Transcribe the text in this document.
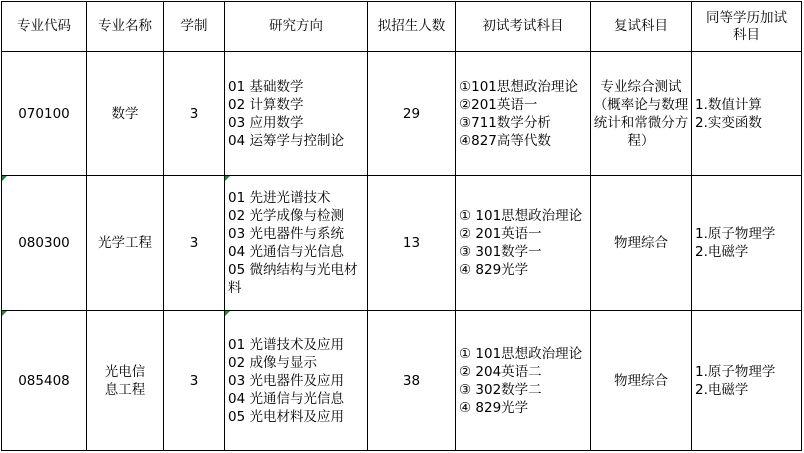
专业代码	专业名称	学制	研究方向	拟招生人数	初试考试科目	复试科目	同等学历加试科目
070100	数学	3	01 基础数学
02 计算数学
03 应用数学
04 运筹学与控制论	29	①101思想政治理论
②201英语一
③711数学分析
④827高等代数	专业综合测试（概率论与数理统计和常微分方程）	1.数值计算
2.实变函数

080300	光学工程	3	01 先进光谱技术
02 光学成像与检测
03 光电器件与系统
04 光通信与光信息
05 微纳结构与光电材料	13	① 101思想政治理论
② 201英语一
③ 301数学一
④ 829光学	物理综合	1.原子物理学
2.电磁学

085408	光电信息工程	3	01 光谱技术及应用
02 成像与显示
03 光电器件及应用
04 光通信与光信息
05 光电材料及应用	38	① 101思想政治理论
② 204英语二
③ 302数学二
④ 829光学	物理综合	1.原子物理学
2.电磁学
